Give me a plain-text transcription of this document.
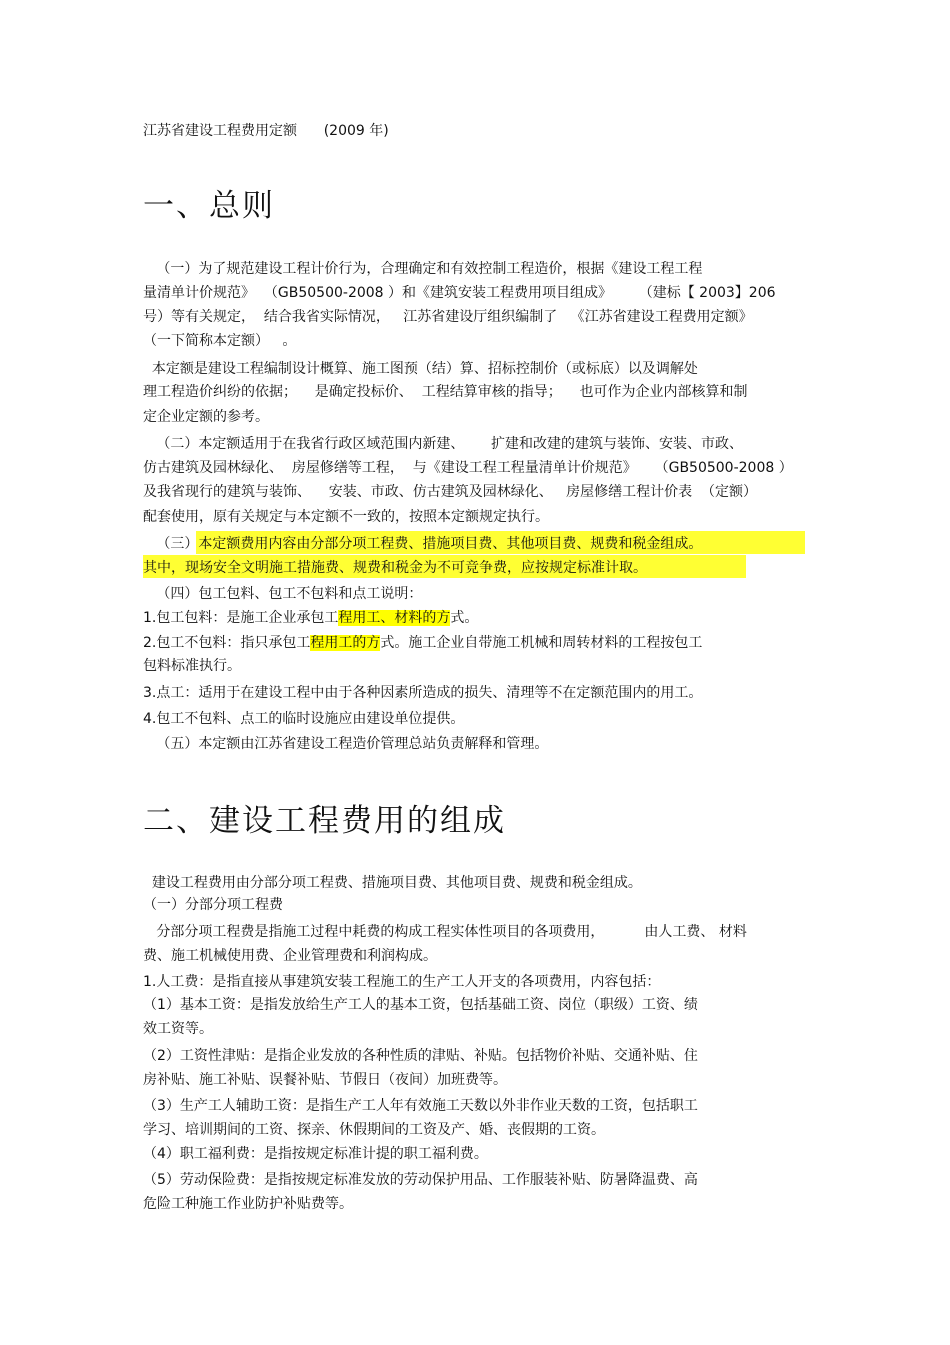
江苏省建设工程费用定额      (2009 年)
一、总则
（一）为了规范建设工程计价行为，合理确定和有效控制工程造价，根据《建设工程工程
量清单计价规范》  （GB50500-2008 ）和《建筑安装工程费用项目组成》      （建标【 2003】206
号）等有关规定，  结合我省实际情况，   江苏省建设厅组织编制了   《江苏省建设工程费用定额》
（一下简称本定额）   。
本定额是建设工程编制设计概算、施工图预（结）算、招标控制价（或标底）以及调解处
理工程造价纠纷的依据；    是确定投标价、  工程结算审核的指导；    也可作为企业内部核算和制
定企业定额的参考。
（二）本定额适用于在我省行政区域范围内新建、      扩建和改建的建筑与装饰、安装、市政、
仿古建筑及园林绿化、  房屋修缮等工程，  与《建设工程工程量清单计价规范》    （GB50500-2008 ）
及我省现行的建筑与装饰、    安装、市政、仿古建筑及园林绿化、   房屋修缮工程计价表  （定额）
配套使用，原有关规定与本定额不一致的，按照本定额规定执行。
（三）本定额费用内容由分部分项工程费、措施项目费、其他项目费、规费和税金组成。
其中，现场安全文明施工措施费、规费和税金为不可竞争费，应按规定标准计取。
（四）包工包料、包工不包料和点工说明：
1.包工包料：是施工企业承包工程用工、材料的方式。
2.包工不包料：指只承包工程用工的方式。施工企业自带施工机械和周转材料的工程按包工
包料标准执行。
3.点工：适用于在建设工程中由于各种因素所造成的损失、清理等不在定额范围内的用工。
4.包工不包料、点工的临时设施应由建设单位提供。
（五）本定额由江苏省建设工程造价管理总站负责解释和管理。
二、建设工程费用的组成
建设工程费用由分部分项工程费、措施项目费、其他项目费、规费和税金组成。
（一）分部分项工程费
分部分项工程费是指施工过程中耗费的构成工程实体性项目的各项费用，         由人工费、 材料
费、施工机械使用费、企业管理费和利润构成。
1.人工费：是指直接从事建筑安装工程施工的生产工人开支的各项费用，内容包括：
（1）基本工资：是指发放给生产工人的基本工资，包括基础工资、岗位（职级）工资、绩
效工资等。
（2）工资性津贴：是指企业发放的各种性质的津贴、补贴。包括物价补贴、交通补贴、住
房补贴、施工补贴、误餐补贴、节假日（夜间）加班费等。
（3）生产工人辅助工资：是指生产工人年有效施工天数以外非作业天数的工资，包括职工
学习、培训期间的工资、探亲、休假期间的工资及产、婚、丧假期的工资。
（4）职工福利费：是指按规定标准计提的职工福利费。
（5）劳动保险费：是指按规定标准发放的劳动保护用品、工作服装补贴、防暑降温费、高
危险工种施工作业防护补贴费等。
